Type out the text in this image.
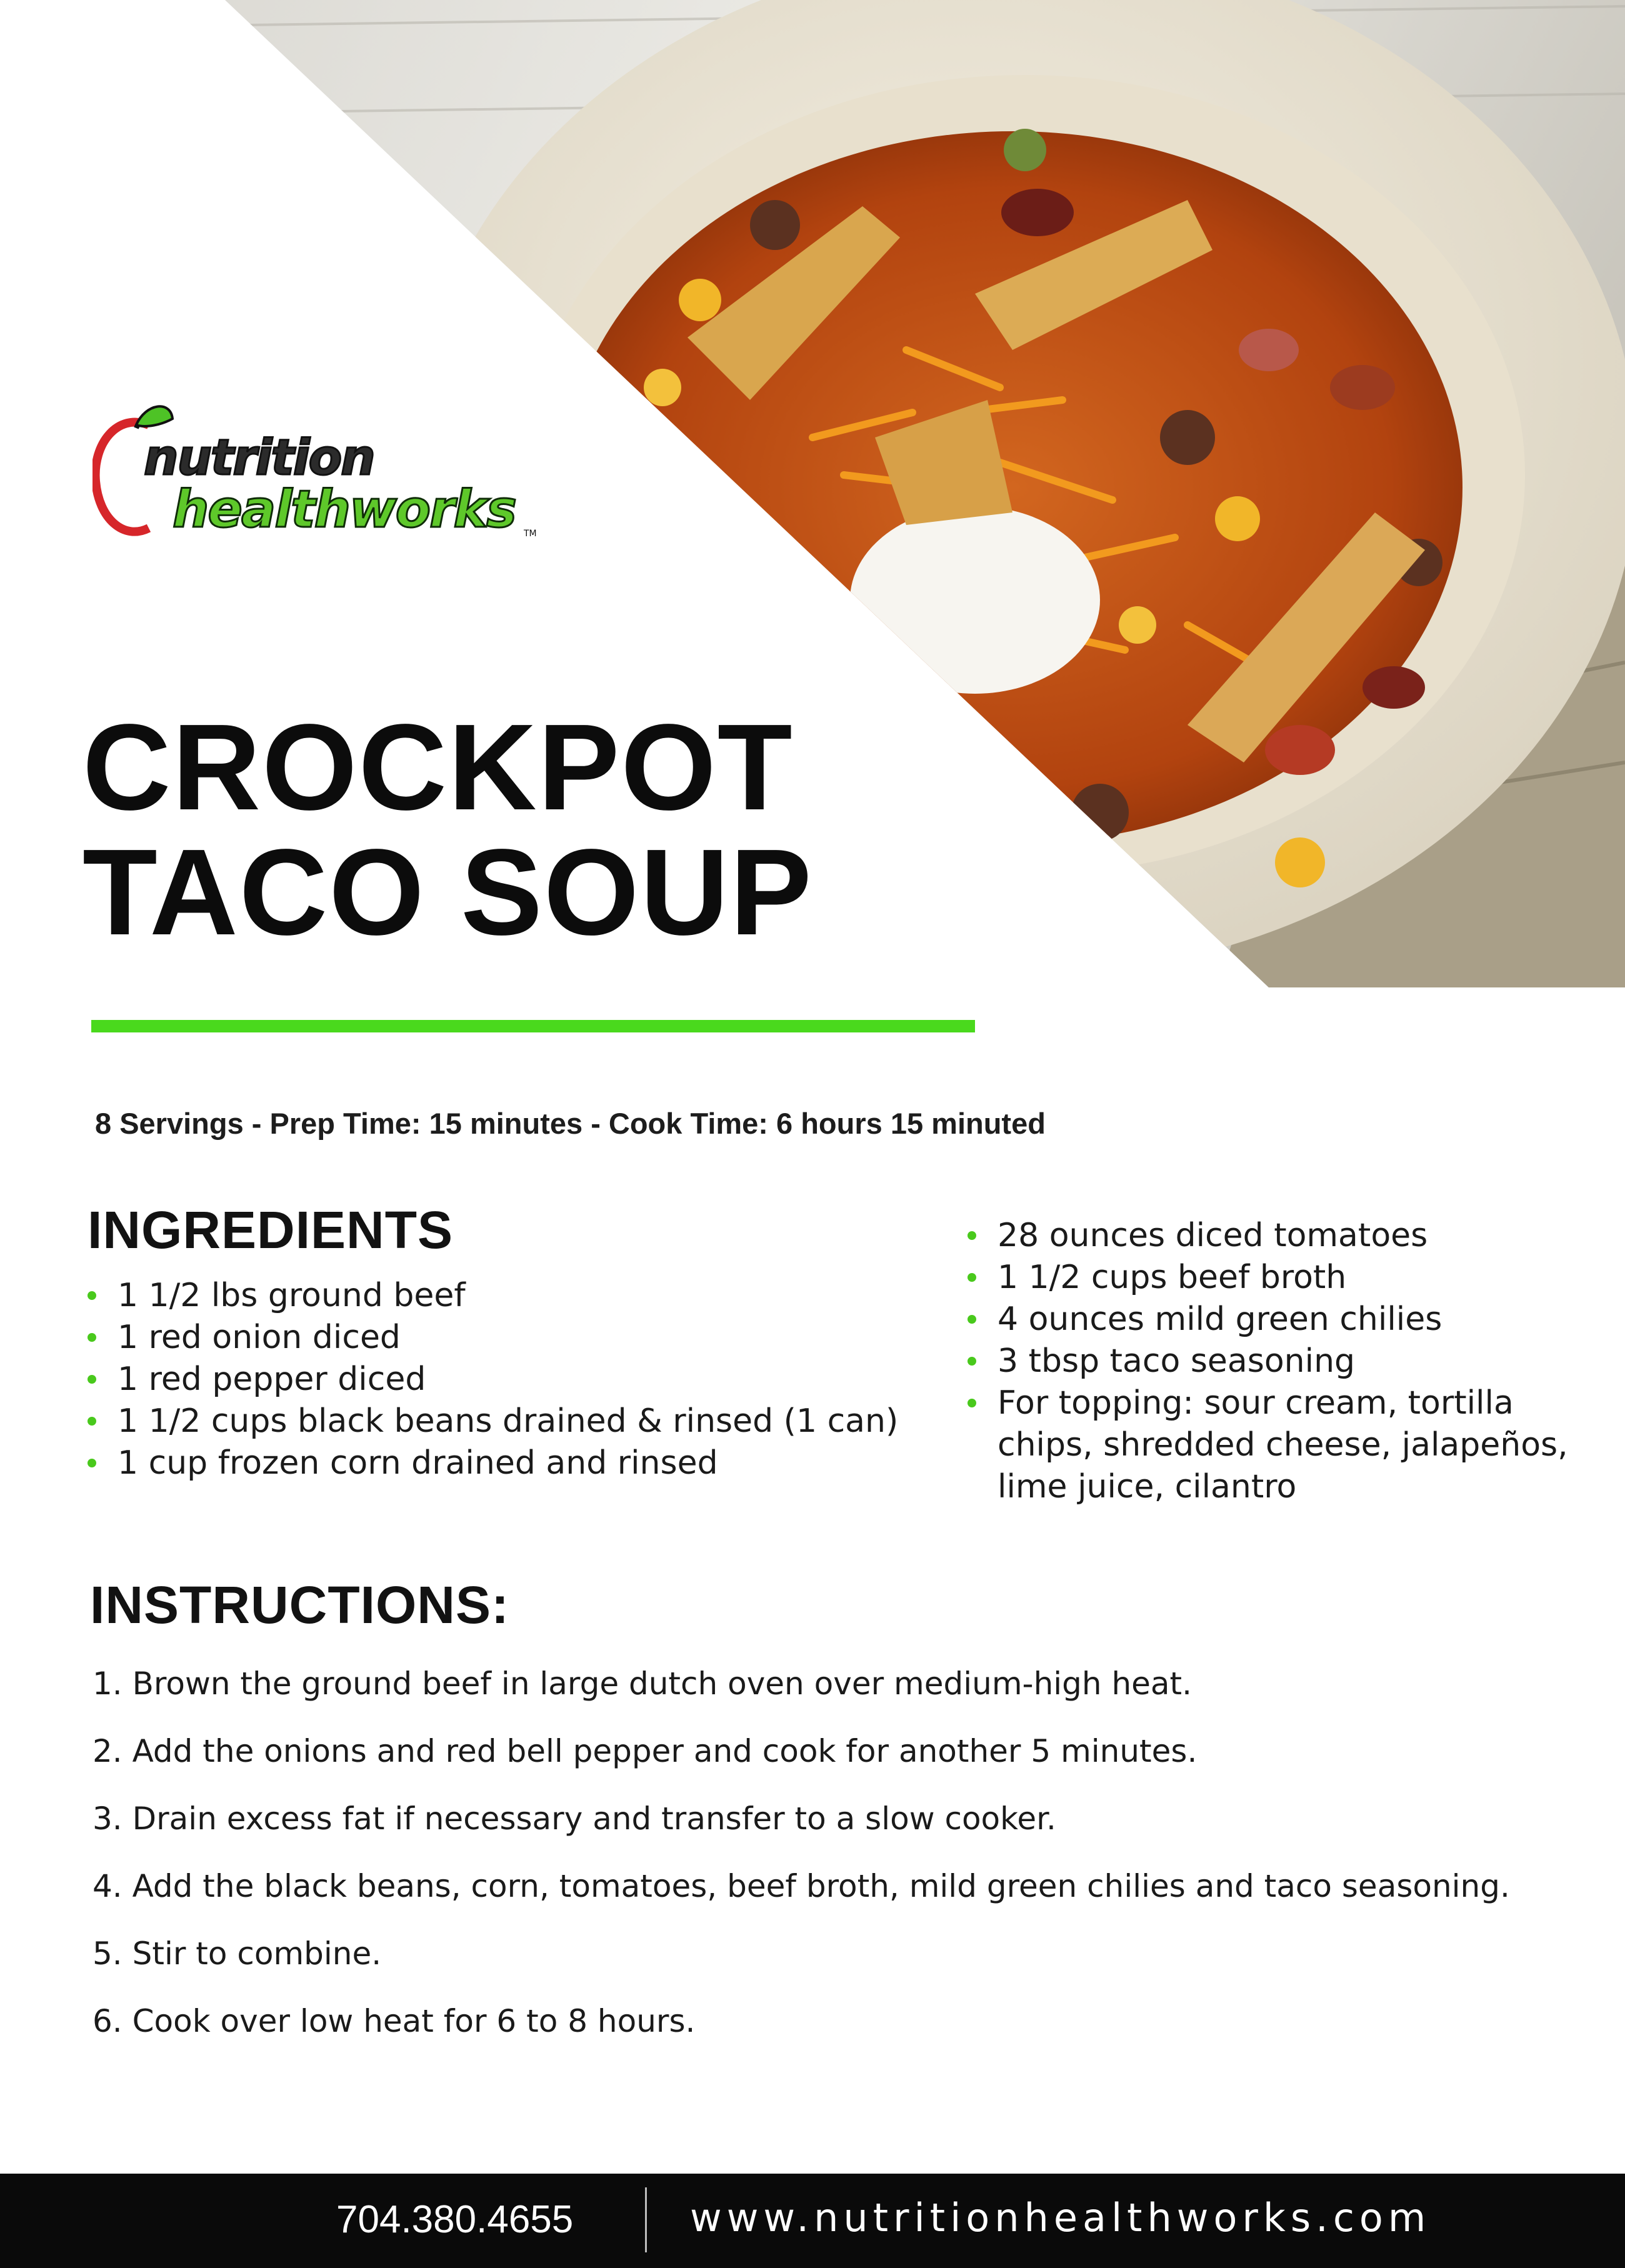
nutrition
healthworks TM
CROCKPOT
TACO SOUP
8 Servings - Prep Time: 15 minutes - Cook Time: 6 hours 15 minuted
INGREDIENTS
1 1/2 lbs ground beef
1 red onion diced
1 red pepper diced
1 1/2 cups black beans drained & rinsed (1 can)
1 cup frozen corn drained and rinsed
28 ounces diced tomatoes
1 1/2 cups beef broth
4 ounces mild green chilies
3 tbsp taco seasoning
For topping: sour cream, tortilla chips, shredded cheese, jalapeños, lime juice, cilantro
INSTRUCTIONS:
1. Brown the ground beef in large dutch oven over medium-high heat.
2. Add the onions and red bell pepper and cook for another 5 minutes.
3. Drain excess fat if necessary and transfer to a slow cooker.
4. Add the black beans, corn, tomatoes, beef broth, mild green chilies and taco seasoning.
5. Stir to combine.
6. Cook over low heat for 6 to 8 hours.
704.380.4655	www.nutritionhealthworks.com
